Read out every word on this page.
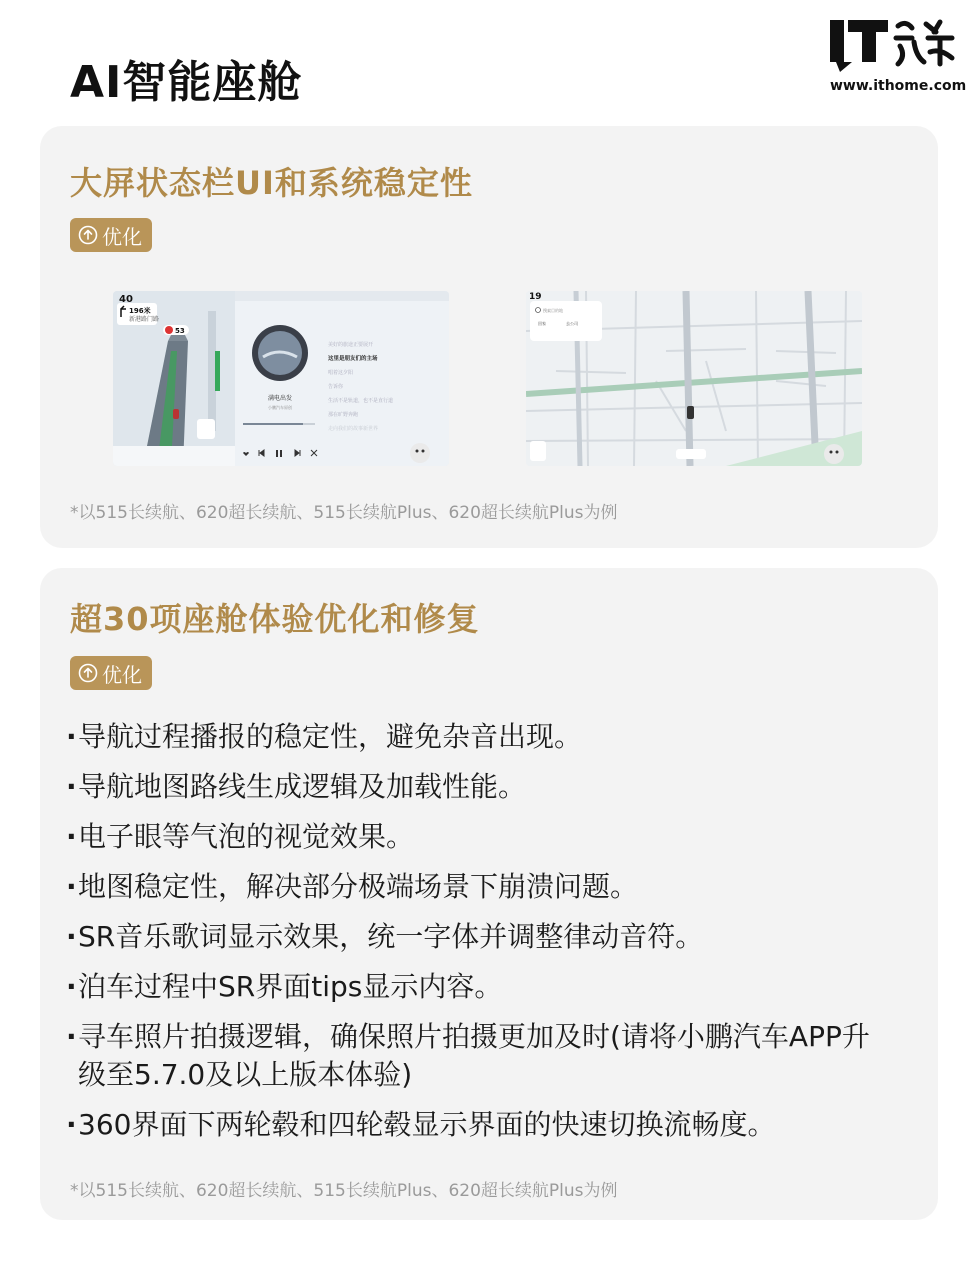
AI智能座舱	www.ithome.com
大屏状态栏UI和系统稳定性
优化
40
196米
新港路门路
53
满电出发
小鹏汽车原创
美好的旅途正要展开
这里是朋友们的主场
唱着这夕阳
告诉你
生活不是轨道，也不是直行道
那在旷野奔跑
走向我们的故事新世界
19
搜索目的地
回家	去公司
*以515长续航、620超长续航、515长续航Plus、620超长续航Plus为例
超30项座舱体验优化和修复
优化
· 导航过程播报的稳定性，避免杂音出现。
· 导航地图路线生成逻辑及加载性能。
· 电子眼等气泡的视觉效果。
· 地图稳定性，解决部分极端场景下崩溃问题。
· SR音乐歌词显示效果，统一字体并调整律动音符。
· 泊车过程中SR界面tips显示内容。
· 寻车照片拍摄逻辑，确保照片拍摄更加及时(请将小鹏汽车APP升级至5.7.0及以上版本体验)
· 360界面下两轮毂和四轮毂显示界面的快速切换流畅度。
*以515长续航、620超长续航、515长续航Plus、620超长续航Plus为例
